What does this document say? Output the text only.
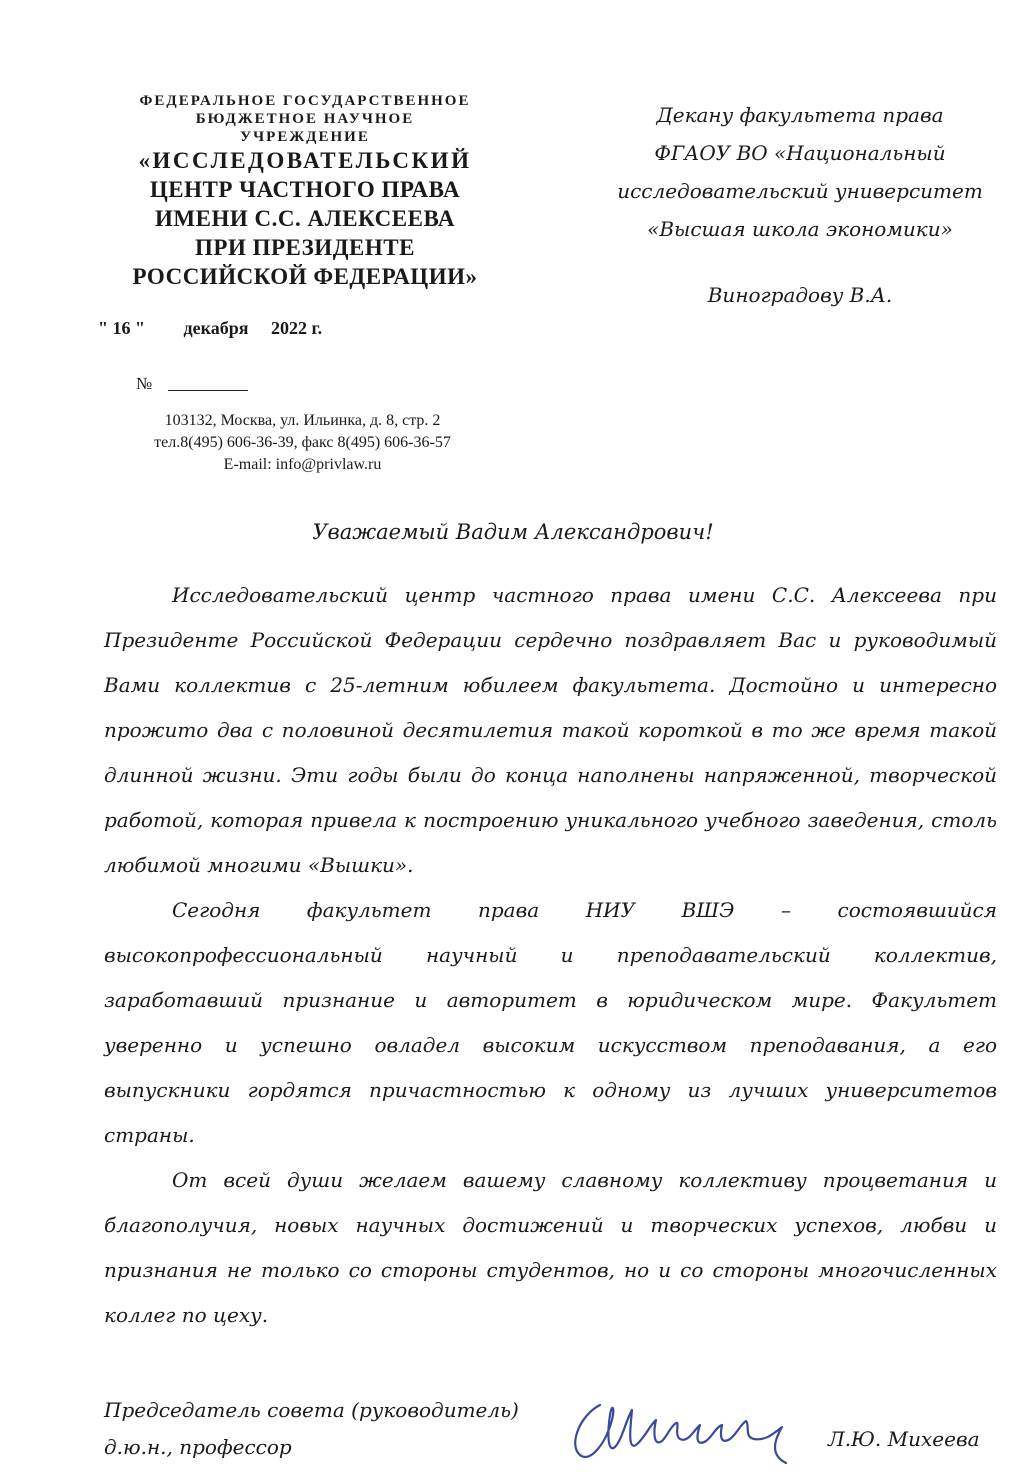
ФЕДЕРАЛЬНОЕ ГОСУДАРСТВЕННОЕ
БЮДЖЕТНОЕ НАУЧНОЕ
УЧРЕЖДЕНИЕ
«ИССЛЕДОВАТЕЛЬСКИЙ
ЦЕНТР ЧАСТНОГО ПРАВА
ИМЕНИ С.С. АЛЕКСЕЕВА
ПРИ ПРЕЗИДЕНТЕ
РОССИЙСКОЙ ФЕДЕРАЦИИ»
" 16 " декабря 2022 г.
№
103132, Москва, ул. Ильинка, д. 8, стр. 2
тел.8(495) 606-36-39, факс 8(495) 606-36-57
E-mail: info@privlaw.ru
Декану факультета права
ФГАОУ ВО «Национальный
исследовательский университет
«Высшая школа экономики»
Виноградову В.А.
Уважаемый Вадим Александрович!

Исследовательский центр частного права имени С.С. Алексеева при Президенте Российской Федерации сердечно поздравляет Вас и руководимый Вами коллектив с 25-летним юбилеем факультета. Достойно и интересно прожито два с половиной десятилетия такой короткой в то же время такой длинной жизни. Эти годы были до конца наполнены напряженной, творческой работой, которая привела к построению уникального учебного заведения, столь любимой многими «Вышки».

Сегодня факультет права НИУ ВШЭ – состоявшийся высокопрофессиональный научный и преподавательский коллектив, заработавший признание и авторитет в юридическом мире. Факультет уверенно и успешно овладел высоким искусством преподавания, а его выпускники гордятся причастностью к одному из лучших университетов страны.

От всей души желаем вашему славному коллективу процветания и благополучия, новых научных достижений и творческих успехов, любви и признания не только со стороны студентов, но и со стороны многочисленных коллег по цеху.

Председатель совета (руководитель)
д.ю.н., профессор	Л.Ю. Михеева
